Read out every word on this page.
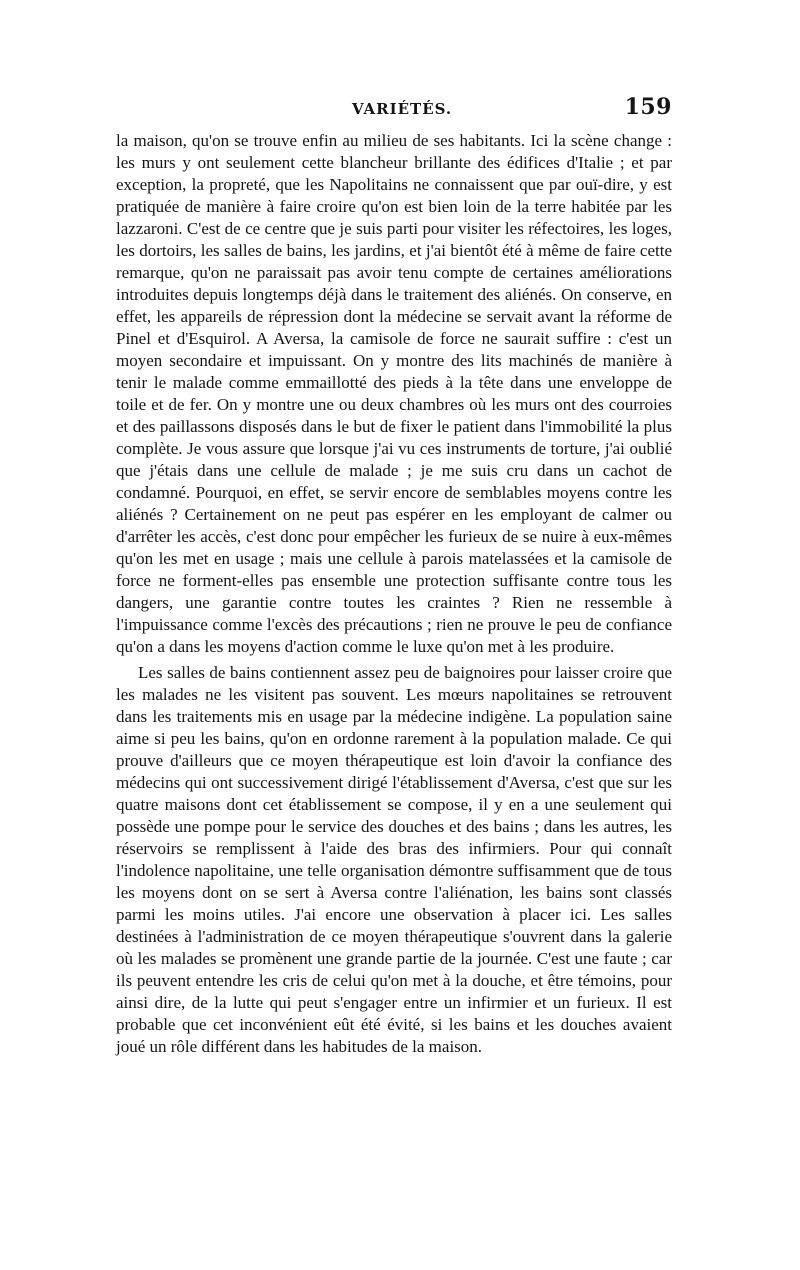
VARIÉTÉS.	159

la maison, qu'on se trouve enfin au milieu de ses habitants. Ici la scène change : les murs y ont seulement cette blancheur brillante des édifices d'Italie ; et par exception, la propreté, que les Napolitains ne connaissent que par ouï-dire, y est pratiquée de manière à faire croire qu'on est bien loin de la terre habitée par les lazzaroni. C'est de ce centre que je suis parti pour visiter les réfectoires, les loges, les dortoirs, les salles de bains, les jardins, et j'ai bientôt été à même de faire cette remarque, qu'on ne paraissait pas avoir tenu compte de certaines améliorations introduites depuis longtemps déjà dans le traitement des aliénés. On conserve, en effet, les appareils de répression dont la médecine se servait avant la réforme de Pinel et d'Esquirol. A Aversa, la camisole de force ne saurait suffire : c'est un moyen secondaire et impuissant. On y montre des lits machinés de manière à tenir le malade comme emmaillotté des pieds à la tête dans une enveloppe de toile et de fer. On y montre une ou deux chambres où les murs ont des courroies et des paillassons disposés dans le but de fixer le patient dans l'immobilité la plus complète. Je vous assure que lorsque j'ai vu ces instruments de torture, j'ai oublié que j'étais dans une cellule de malade ; je me suis cru dans un cachot de condamné. Pourquoi, en effet, se servir encore de semblables moyens contre les aliénés ? Certainement on ne peut pas espérer en les employant de calmer ou d'arrêter les accès, c'est donc pour empêcher les furieux de se nuire à eux-mêmes qu'on les met en usage ; mais une cellule à parois matelassées et la camisole de force ne forment-elles pas ensemble une protection suffisante contre tous les dangers, une garantie contre toutes les craintes ? Rien ne ressemble à l'impuissance comme l'excès des précautions ; rien ne prouve le peu de confiance qu'on a dans les moyens d'action comme le luxe qu'on met à les produire.

Les salles de bains contiennent assez peu de baignoires pour laisser croire que les malades ne les visitent pas souvent. Les mœurs napolitaines se retrouvent dans les traitements mis en usage par la médecine indigène. La population saine aime si peu les bains, qu'on en ordonne rarement à la population malade. Ce qui prouve d'ailleurs que ce moyen thérapeutique est loin d'avoir la confiance des médecins qui ont successivement dirigé l'établissement d'Aversa, c'est que sur les quatre maisons dont cet établissement se compose, il y en a une seulement qui possède une pompe pour le service des douches et des bains ; dans les autres, les réservoirs se remplissent à l'aide des bras des infirmiers. Pour qui connaît l'indolence napolitaine, une telle organisation démontre suffisamment que de tous les moyens dont on se sert à Aversa contre l'aliénation, les bains sont classés parmi les moins utiles. J'ai encore une observation à placer ici. Les salles destinées à l'administration de ce moyen thérapeutique s'ouvrent dans la galerie où les malades se promènent une grande partie de la journée. C'est une faute ; car ils peuvent entendre les cris de celui qu'on met à la douche, et être témoins, pour ainsi dire, de la lutte qui peut s'engager entre un infirmier et un furieux. Il est probable que cet inconvénient eût été évité, si les bains et les douches avaient joué un rôle différent dans les habitudes de la maison.
